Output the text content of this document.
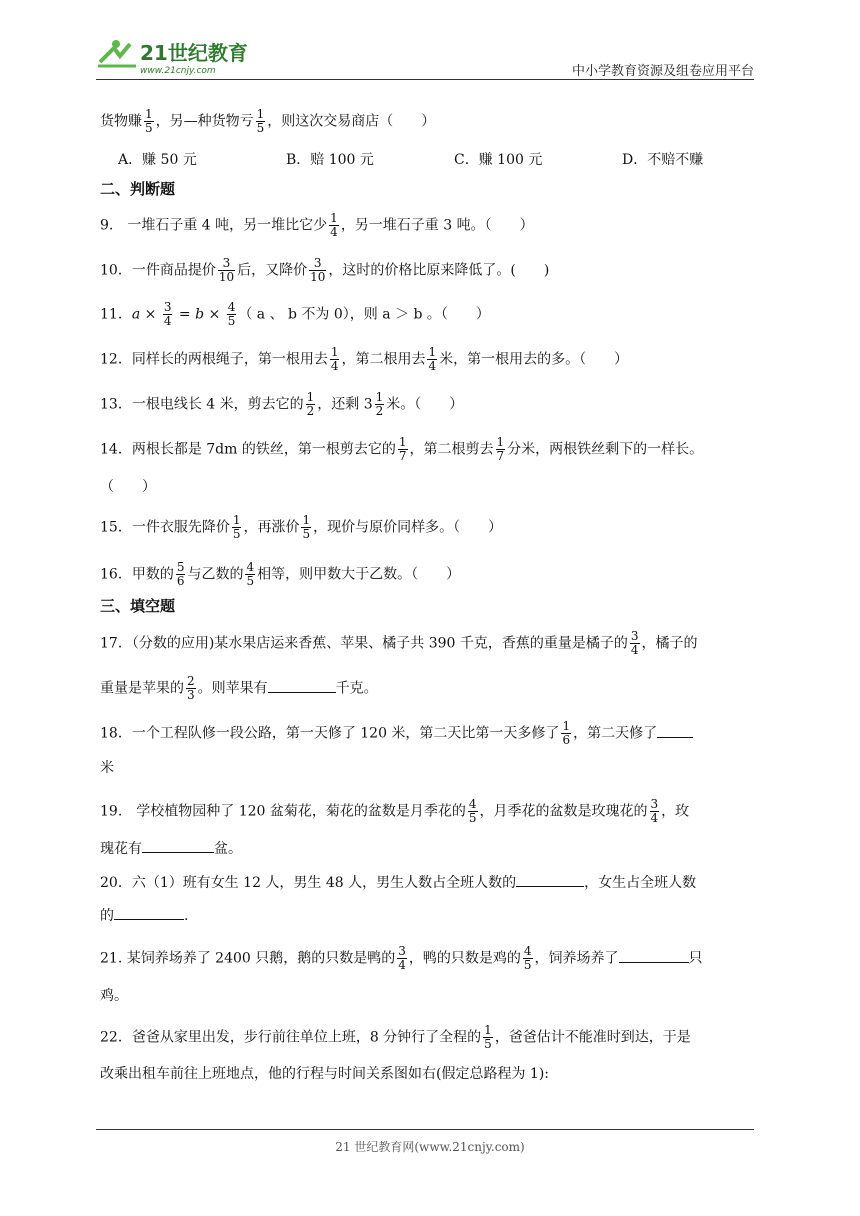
21世纪教育
www.21cnjy.com	中小学教育资源及组卷应用平台
货物赚 $\frac{1}{5}$ ，另—种货物亏 $\frac{1}{5}$ ，则这次交易商店（　　）
A．赚 50 元	B．赔 100 元	C．赚 100 元	D．不赔不赚
二、判断题
9.　一堆石子重 4 吨，另一堆比它少 $\frac{1}{4}$ ，另一堆石子重 3 吨。（　　）
10．一件商品提价 $\frac{3}{10}$ 后，又降价 $\frac{3}{10}$ ，这时的价格比原来降低了。(　　)
11．$a \times \frac{3}{4} = b \times \frac{4}{5}$ （ a 、 b 不为 0），则 a ＞ b 。（　　）
12．同样长的两根绳子，第一根用去 $\frac{1}{4}$ ，第二根用去 $\frac{1}{4}$ 米，第一根用去的多。（　　）
13．一根电线长 4 米，剪去它的 $\frac{1}{2}$ ，还剩 $3 \frac{1}{2}$ 米。（　　）
14．两根长都是 7dm 的铁丝，第一根剪去它的 $\frac{1}{7}$ ，第二根剪去 $\frac{1}{7}$ 分米，两根铁丝剩下的一样长。
（　　）
15．一件衣服先降价 $\frac{1}{5}$ ，再涨价 $\frac{1}{5}$ ，现价与原价同样多。（　　）
16．甲数的 $\frac{5}{6}$ 与乙数的 $\frac{4}{5}$ 相等，则甲数大于乙数。（　　）
三、填空题
17．（分数的应用)某水果店运来香蕉、苹果、橘子共 390 千克，香蕉的重量是橘子的 $\frac{3}{4}$ ，橘子的
重量是苹果的 $\frac{2}{3}$ 。则苹果有	千克。
18．一个工程队修一段公路，第一天修了 120 米，第二天比第一天多修了 $\frac{1}{6}$ ，第二天修了
米
19.　学校植物园种了 120 盆菊花，菊花的盆数是月季花的 $\frac{4}{5}$ ，月季花的盆数是玫瑰花的 $\frac{3}{4}$ ，玫
瑰花有	盆。
20．六（1）班有女生 12 人，男生 48 人，男生人数占全班人数的	，女生占全班人数
的	.
21. 某饲养场养了 2400 只鹅，鹅的只数是鸭的 $\frac{3}{4}$ ，鸭的只数是鸡的 $\frac{4}{5}$ ，饲养场养了	只
鸡。
22．爸爸从家里出发，步行前往单位上班，8 分钟行了全程的 $\frac{1}{5}$ ，爸爸估计不能准时到达，于是
改乘出租车前往上班地点，他的行程与时间关系图如右(假定总路程为 1):
21 世纪教育网(www.21cnjy.com)
